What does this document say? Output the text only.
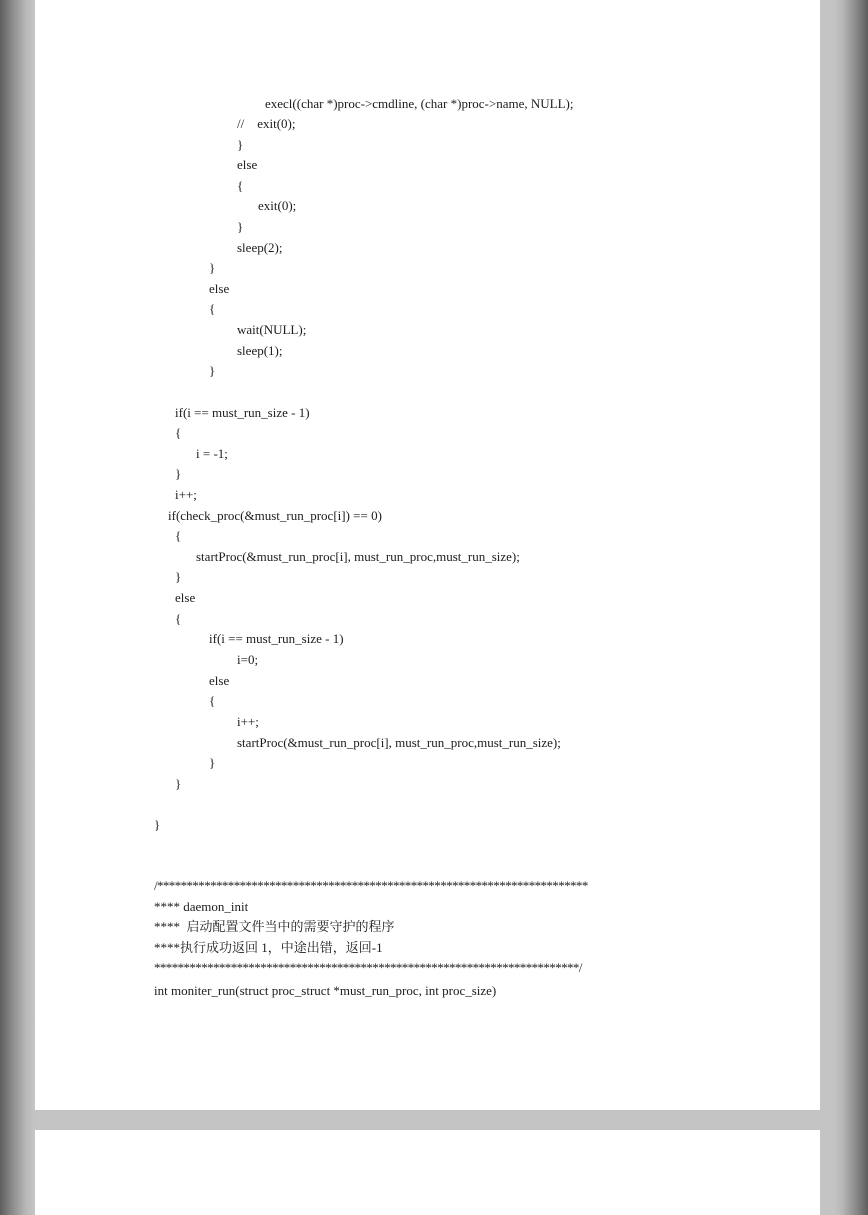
execl((char *)proc->cmdline, (char *)proc->name, NULL);
//    exit(0);
}
else
{
exit(0);
}
sleep(2);
}
else
{
wait(NULL);
sleep(1);
}
if(i == must_run_size - 1)
{
i = -1;
}
i++;
if(check_proc(&must_run_proc[i]) == 0)
{
startProc(&must_run_proc[i], must_run_proc,must_run_size);
}
else
{
if(i == must_run_size - 1)
i=0;
else
{
i++;
startProc(&must_run_proc[i], must_run_proc,must_run_size);
}
}
}
/*************************************************************************
**** daemon_init
****  启动配置文件当中的需要守护的程序
****执行成功返回 1，中途出错，返回-1
************************************************************************/
int moniter_run(struct proc_struct *must_run_proc, int proc_size)
